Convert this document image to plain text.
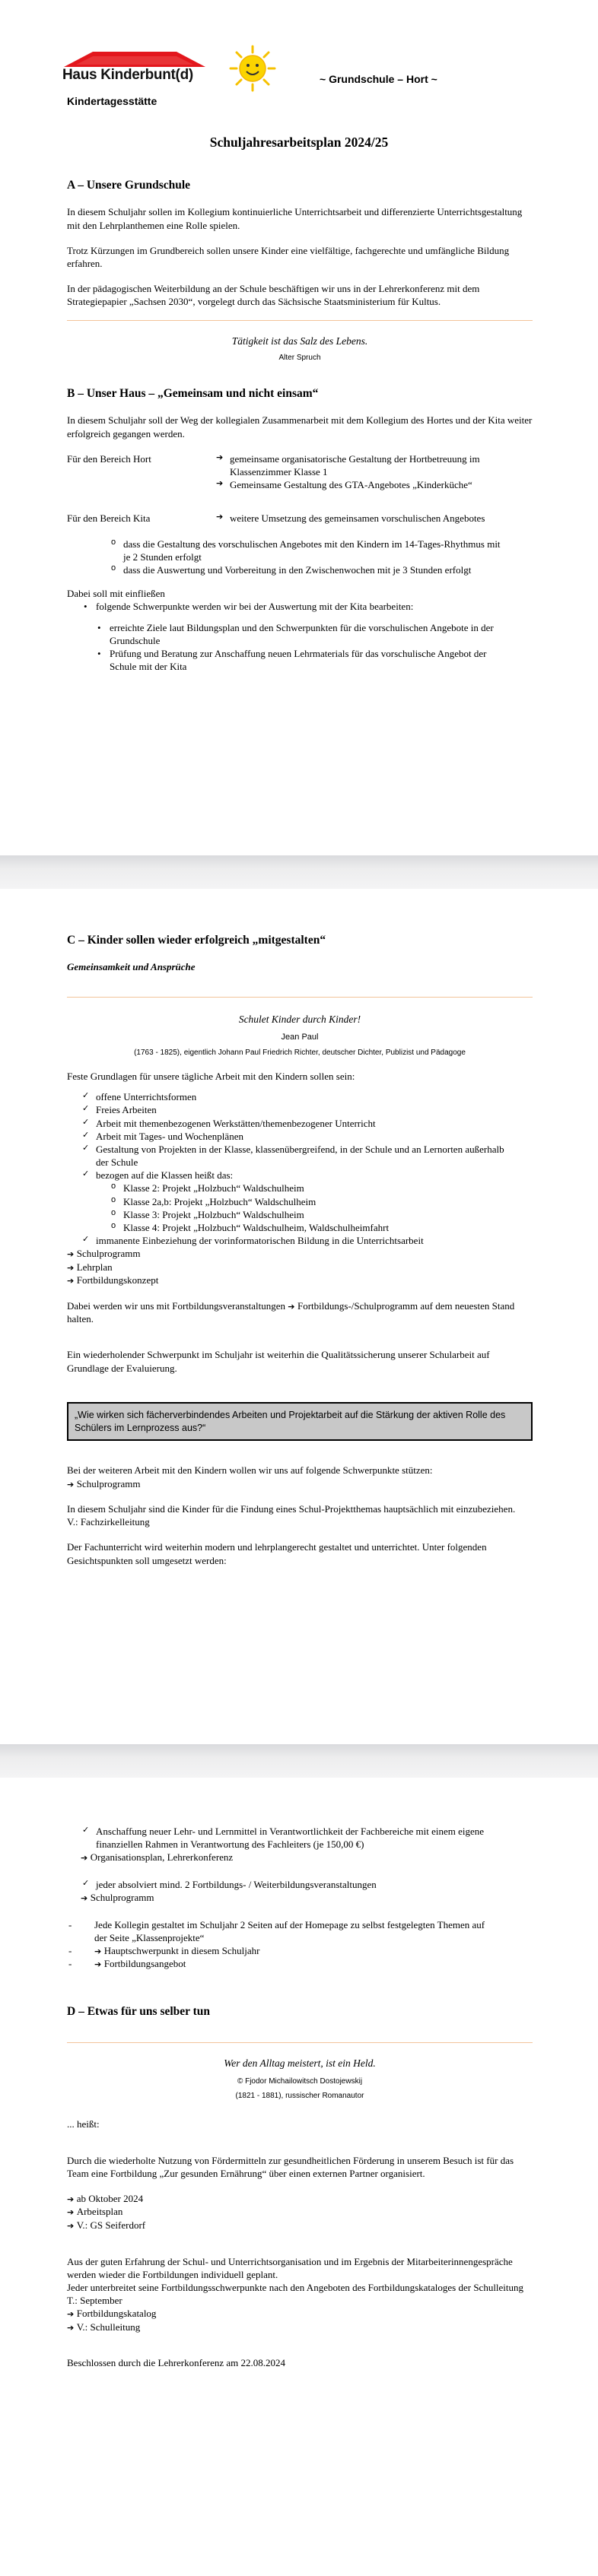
Haus Kinderbunt(d)	~ Grundschule – Hort ~
Kindertagesstätte
Schuljahresarbeitsplan 2024/25
A – Unsere Grundschule

In diesem Schuljahr sollen im Kollegium kontinuierliche Unterrichtsarbeit und differenzierte Unterrichtsgestaltung mit den Lehrplanthemen eine Rolle spielen.

Trotz Kürzungen im Grundbereich sollen unsere Kinder eine vielfältige, fachgerechte und umfängliche Bildung erfahren.

In der pädagogischen Weiterbildung an der Schule beschäftigen wir uns in der Lehrerkonferenz mit dem Strategiepapier „Sachsen 2030“, vorgelegt durch das Sächsische Staatsministerium für Kultus.

Tätigkeit ist das Salz des Lebens.

Alter Spruch

B – Unser Haus – „Gemeinsam und nicht einsam“

In diesem Schuljahr soll der Weg der kollegialen Zusammenarbeit mit dem Kollegium des Hortes und der Kita weiter erfolgreich gegangen werden.

Für den Bereich Hort	➔ gemeinsame organisatorische Gestaltung der Hortbetreuung im Klassenzimmer Klasse 1
➔ Gemeinsame Gestaltung des GTA-Angebotes „Kinderküche“
Für den Bereich Kita	➔ weitere Umsetzung des gemeinsamen vorschulischen Angebotes
o dass die Gestaltung des vorschulischen Angebotes mit den Kindern im 14-Tages-Rhythmus mit je 2 Stunden erfolgt
o dass die Auswertung und Vorbereitung in den Zwischenwochen mit je 3 Stunden erfolgt

Dabei soll mit einfließen

• folgende Schwerpunkte werden wir bei der Auswertung mit der Kita bearbeiten:
• erreichte Ziele laut Bildungsplan und den Schwerpunkten für die vorschulischen Angebote in der Grundschule
• Prüfung und Beratung zur Anschaffung neuen Lehrmaterials für das vorschulische Angebot der Schule mit der Kita
C – Kinder sollen wieder erfolgreich „mitgestalten“

Gemeinsamkeit und Ansprüche

Schulet Kinder durch Kinder!

Jean Paul

(1763 - 1825), eigentlich Johann Paul Friedrich Richter, deutscher Dichter, Publizist und Pädagoge

Feste Grundlagen für unsere tägliche Arbeit mit den Kindern sollen sein:

✓ offene Unterrichtsformen
✓ Freies Arbeiten
✓ Arbeit mit themenbezogenen Werkstätten/themenbezogener Unterricht
✓ Arbeit mit Tages- und Wochenplänen
✓ Gestaltung von Projekten in der Klasse, klassenübergreifend, in der Schule und an Lernorten außerhalb der Schule
✓ bezogen auf die Klassen heißt das:
o Klasse 2: Projekt „Holzbuch“ Waldschulheim
o Klasse 2a,b: Projekt „Holzbuch“ Waldschulheim
o Klasse 3: Projekt „Holzbuch“ Waldschulheim
o Klasse 4: Projekt „Holzbuch“ Waldschulheim, Waldschulheimfahrt
✓ immanente Einbeziehung der vorinformatorischen Bildung in die Unterrichtsarbeit
➔ Schulprogramm
➔ Lehrplan
➔ Fortbildungskonzept

Dabei werden wir uns mit Fortbildungsveranstaltungen ➔ Fortbildungs-/Schulprogramm auf dem neuesten Stand halten.

Ein wiederholender Schwerpunkt im Schuljahr ist weiterhin die Qualitätssicherung unserer Schularbeit auf Grundlage der Evaluierung.

„Wie wirken sich fächerverbindendes Arbeiten und Projektarbeit auf die Stärkung der aktiven Rolle des Schülers im Lernprozess aus?“

Bei der weiteren Arbeit mit den Kindern wollen wir uns auf folgende Schwerpunkte stützen:

➔ Schulprogramm

In diesem Schuljahr sind die Kinder für die Findung eines Schul-Projektthemas hauptsächlich mit einzubeziehen.

V.: Fachzirkelleitung

Der Fachunterricht wird weiterhin modern und lehrplangerecht gestaltet und unterrichtet. Unter folgenden Gesichtspunkten soll umgesetzt werden:

✓ Anschaffung neuer Lehr- und Lernmittel in Verantwortlichkeit der Fachbereiche mit einem eigene finanziellen Rahmen in Verantwortung des Fachleiters (je 150,00 €)
➔ Organisationsplan, Lehrerkonferenz
✓ jeder absolviert mind. 2 Fortbildungs- / Weiterbildungsveranstaltungen
➔ Schulprogramm
- Jede Kollegin gestaltet im Schuljahr 2 Seiten auf der Homepage zu selbst festgelegten Themen auf der Seite „Klassenprojekte“
- ➔ Hauptschwerpunkt in diesem Schuljahr
- ➔ Fortbildungsangebot
D – Etwas für uns selber tun

Wer den Alltag meistert, ist ein Held.

© Fjodor Michailowitsch Dostojewskij

(1821 - 1881), russischer Romanautor

... heißt:

Durch die wiederholte Nutzung von Fördermitteln zur gesundheitlichen Förderung in unserem Besuch ist für das Team eine Fortbildung „Zur gesunden Ernährung“ über einen externen Partner organisiert.

➔ ab Oktober 2024
➔ Arbeitsplan
➔ V.: GS Seiferdorf

Aus der guten Erfahrung der Schul- und Unterrichtsorganisation und im Ergebnis der Mitarbeiterinnengespräche werden wieder die Fortbildungen individuell geplant.

Jeder unterbreitet seine Fortbildungsschwerpunkte nach den Angeboten des Fortbildungskataloges der Schulleitung

T.: September

➔ Fortbildungskatalog
➔ V.: Schulleitung

Beschlossen durch die Lehrerkonferenz am 22.08.2024
